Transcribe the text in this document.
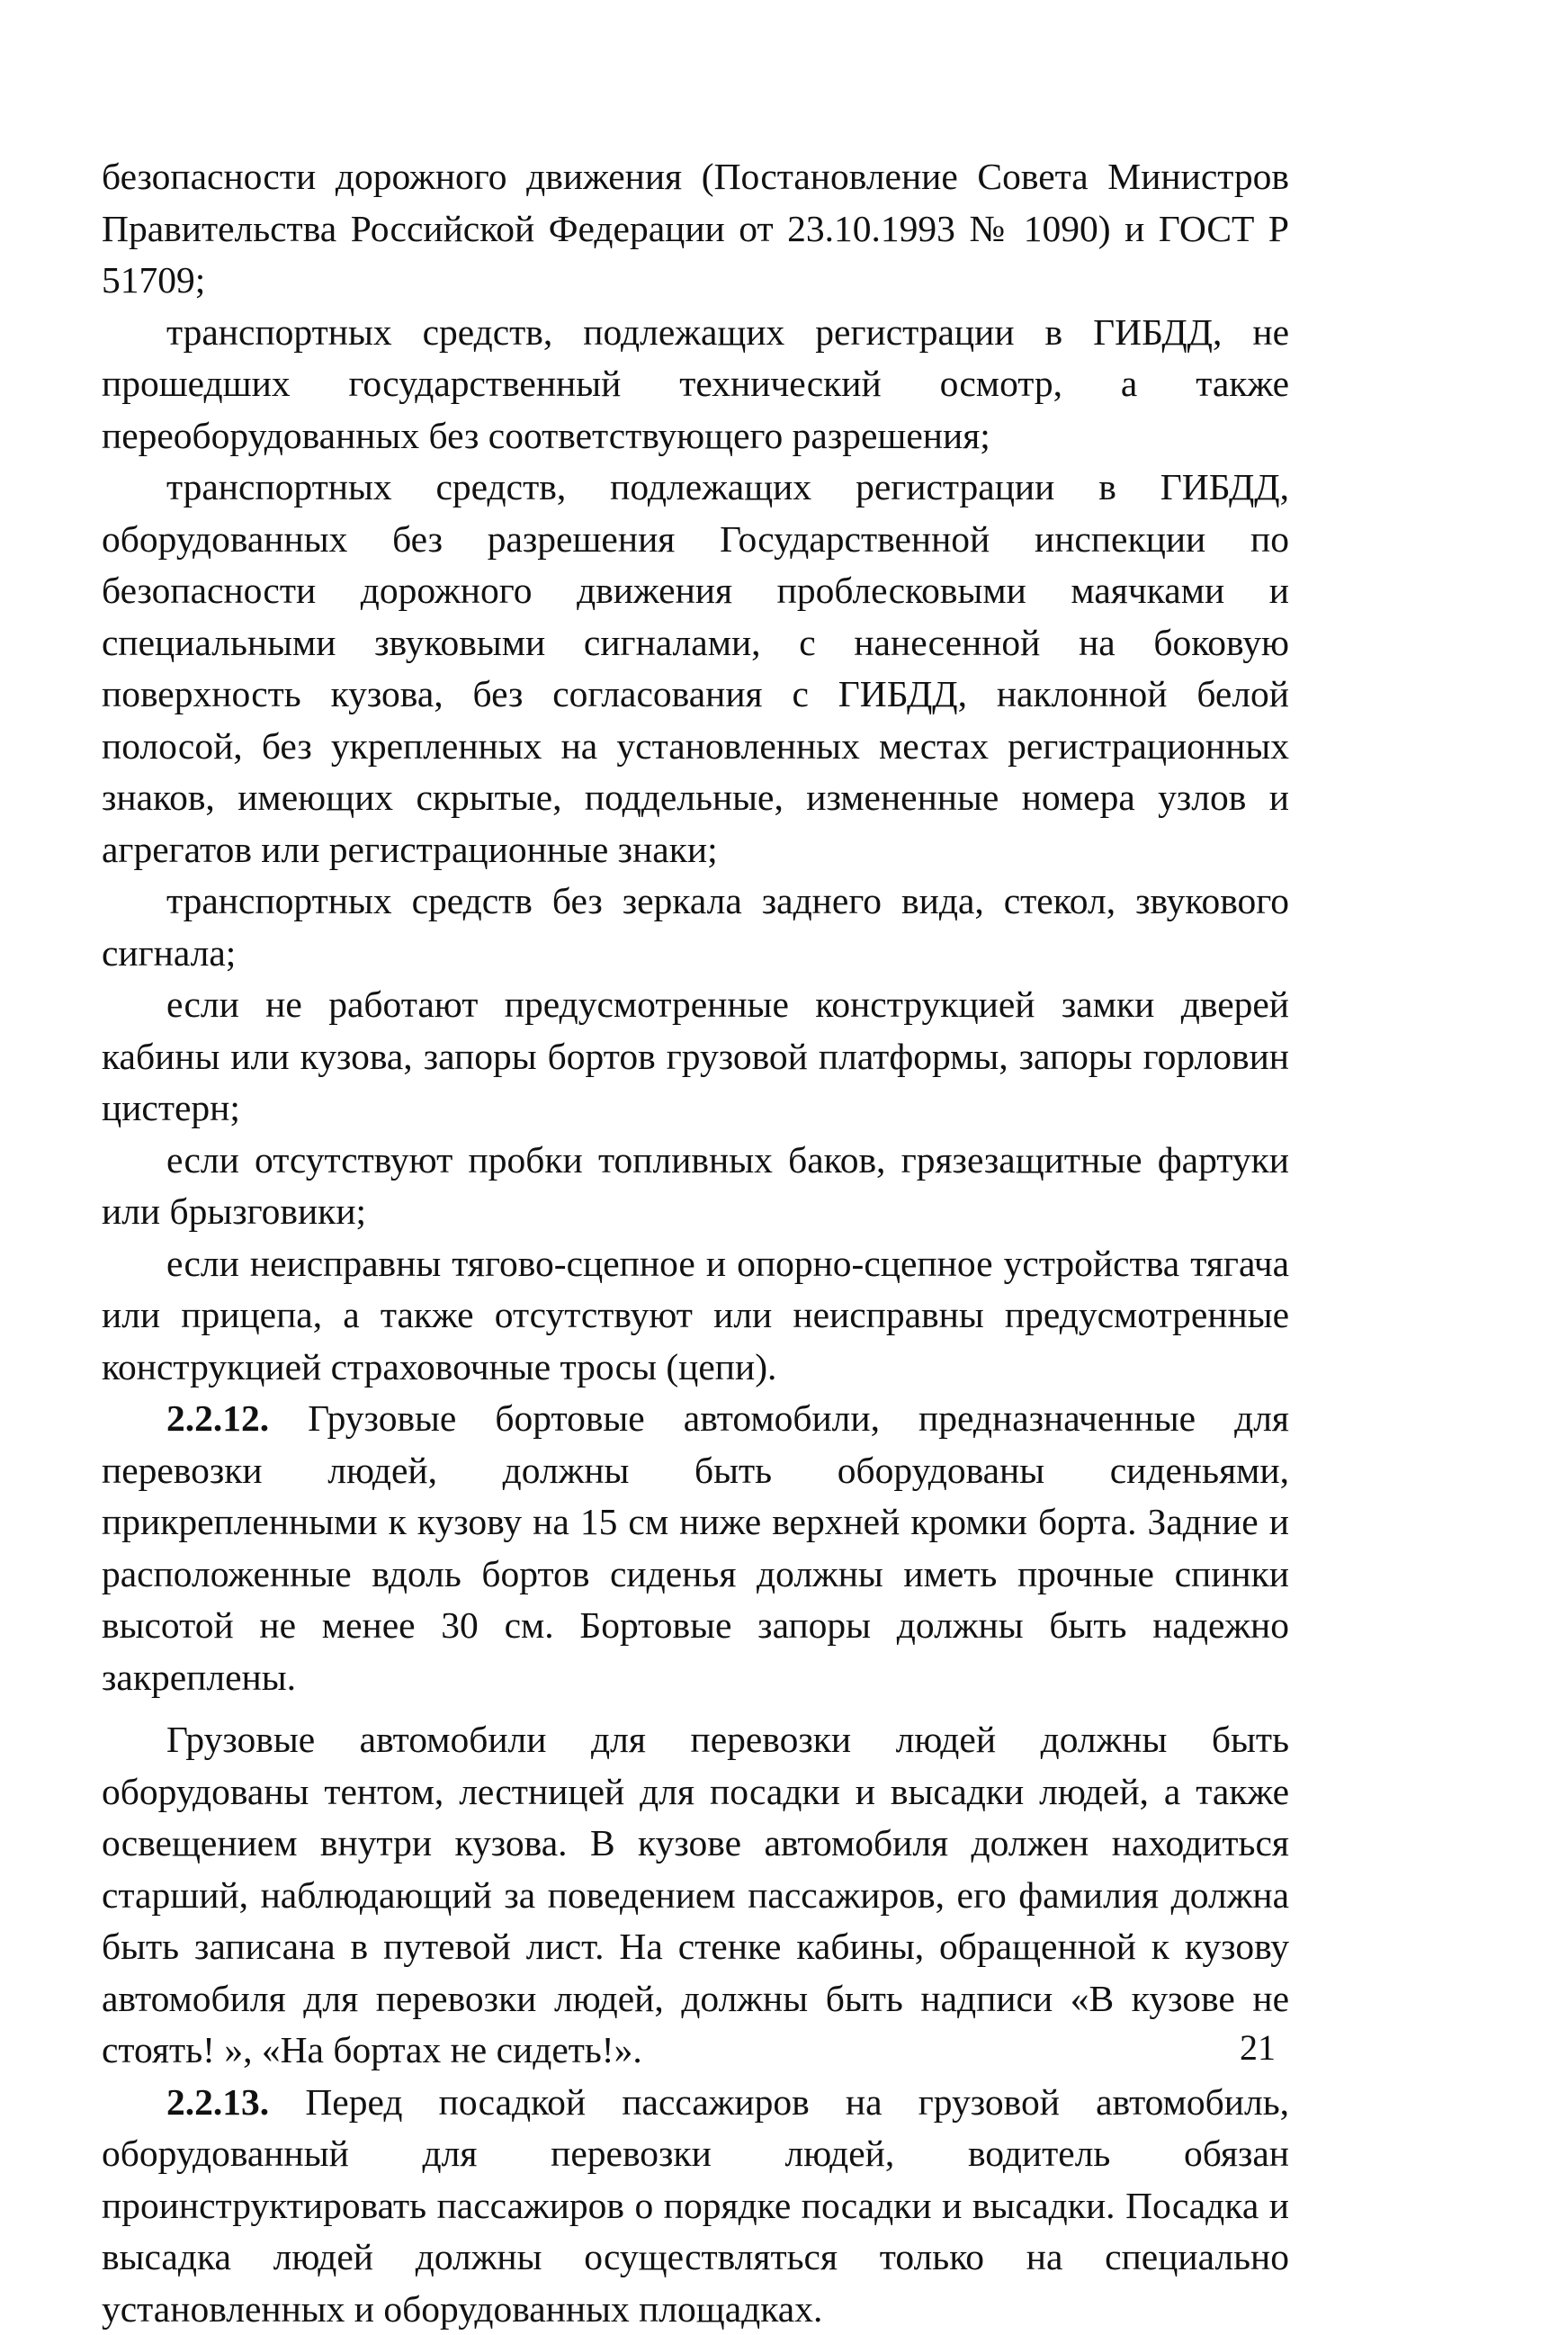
безопасности дорожного движения (Постановление Совета Министров Правительства Российской Федерации от 23.10.1993 № 1090) и ГОСТ Р 51709;

транспортных средств, подлежащих регистрации в ГИБДД, не прошедших государственный технический осмотр, а также переоборудованных без соответствующего разрешения;

транспортных средств, подлежащих регистрации в ГИБДД, оборудованных без разрешения Государственной инспекции по безопасности дорожного движения проблесковыми маячками и специальными звуковыми сигналами, с нанесенной на боковую поверхность кузова, без согласования с ГИБДД, наклонной белой полосой, без укрепленных на установленных местах регистрационных знаков, имеющих скрытые, поддельные, измененные номера узлов и агрегатов или регистрационные знаки;

транспортных средств без зеркала заднего вида, стекол, звукового сигнала;

если не работают предусмотренные конструкцией замки дверей кабины или кузова, запоры бортов грузовой платформы, запоры горловин цистерн;

если отсутствуют пробки топливных баков, грязезащитные фартуки или брызговики;

если неисправны тягово-сцепное и опорно-сцепное устройства тягача или прицепа, а также отсутствуют или неисправны предусмотренные конструкцией страховочные тросы (цепи).

2.2.12. Грузовые бортовые автомобили, предназначенные для перевозки людей, должны быть оборудованы сиденьями, прикрепленными к кузову на 15 см ниже верхней кромки борта. Задние и расположенные вдоль бортов сиденья должны иметь прочные спинки высотой не менее 30 см. Бортовые запоры должны быть надежно закреплены.

Грузовые автомобили для перевозки людей должны быть оборудованы тентом, лестницей для посадки и высадки людей, а также освещением внутри кузова. В кузове автомобиля должен находиться старший, наблюдающий за поведением пассажиров, его фамилия должна быть записана в путевой лист. На стенке кабины, обращенной к кузову автомобиля для перевозки людей, должны быть надписи «В кузове не стоять! », «На бортах не сидеть!».

2.2.13. Перед посадкой пассажиров на грузовой автомобиль, оборудованный для перевозки людей, водитель обязан проинструктировать пассажиров о порядке посадки и высадки. Посадка и высадка людей должны осуществляться только на специально установленных и оборудованных площадках.

21
